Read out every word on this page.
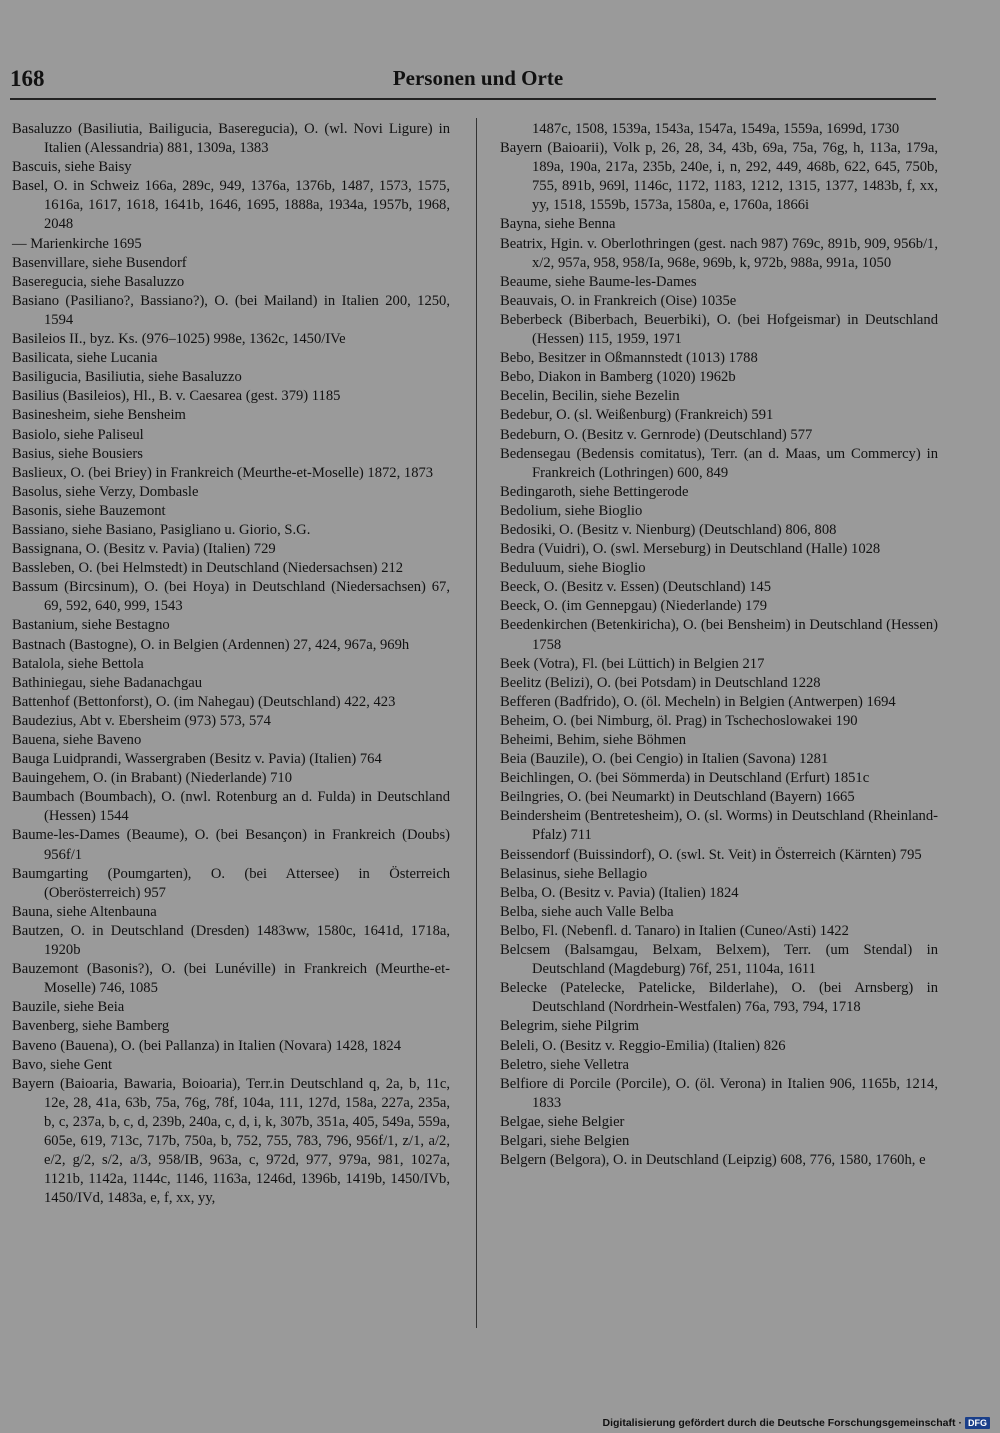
168	Personen und Orte

Basaluzzo (Basiliutia, Bailigucia, Baseregucia), O. (wl. Novi Ligure) in Italien (Alessandria) 881, 1309a, 1383

Bascuis, siehe Baisy

Basel, O. in Schweiz 166a, 289c, 949, 1376a, 1376b, 1487, 1573, 1575, 1616a, 1617, 1618, 1641b, 1646, 1695, 1888a, 1934a, 1957b, 1968, 2048

— Marienkirche 1695

Basenvillare, siehe Busendorf

Baseregucia, siehe Basaluzzo

Basiano (Pasiliano?, Bassiano?), O. (bei Mailand) in Italien 200, 1250, 1594

Basileios II., byz. Ks. (976–1025) 998e, 1362c, 1450/IVe

Basilicata, siehe Lucania

Basiligucia, Basiliutia, siehe Basaluzzo

Basilius (Basileios), Hl., B. v. Caesarea (gest. 379) 1185

Basinesheim, siehe Bensheim

Basiolo, siehe Paliseul

Basius, siehe Bousiers

Baslieux, O. (bei Briey) in Frankreich (Meurthe-et-Moselle) 1872, 1873

Basolus, siehe Verzy, Dombasle

Basonis, siehe Bauzemont

Bassiano, siehe Basiano, Pasigliano u. Giorio, S.G.

Bassignana, O. (Besitz v. Pavia) (Italien) 729

Bassleben, O. (bei Helmstedt) in Deutschland (Niedersachsen) 212

Bassum (Bircsinum), O. (bei Hoya) in Deutschland (Niedersachsen) 67, 69, 592, 640, 999, 1543

Bastanium, siehe Bestagno

Bastnach (Bastogne), O. in Belgien (Ardennen) 27, 424, 967a, 969h

Batalola, siehe Bettola

Bathiniegau, siehe Badanachgau

Battenhof (Bettonforst), O. (im Nahegau) (Deutschland) 422, 423

Baudezius, Abt v. Ebersheim (973) 573, 574

Bauena, siehe Baveno

Bauga Luidprandi, Wassergraben (Besitz v. Pavia) (Italien) 764

Bauingehem, O. (in Brabant) (Niederlande) 710

Baumbach (Boumbach), O. (nwl. Rotenburg an d. Fulda) in Deutschland (Hessen) 1544

Baume-les-Dames (Beaume), O. (bei Besançon) in Frankreich (Doubs) 956f/1

Baumgarting (Poumgarten), O. (bei Attersee) in Österreich (Oberösterreich) 957

Bauna, siehe Altenbauna

Bautzen, O. in Deutschland (Dresden) 1483ww, 1580c, 1641d, 1718a, 1920b

Bauzemont (Basonis?), O. (bei Lunéville) in Frankreich (Meurthe-et-Moselle) 746, 1085

Bauzile, siehe Beia

Bavenberg, siehe Bamberg

Baveno (Bauena), O. (bei Pallanza) in Italien (Novara) 1428, 1824

Bavo, siehe Gent

Bayern (Baioaria, Bawaria, Boioaria), Terr.in Deutschland q, 2a, b, 11c, 12e, 28, 41a, 63b, 75a, 76g, 78f, 104a, 111, 127d, 158a, 227a, 235a, b, c, 237a, b, c, d, 239b, 240a, c, d, i, k, 307b, 351a, 405, 549a, 559a, 605e, 619, 713c, 717b, 750a, b, 752, 755, 783, 796, 956f/1, z/1, a/2, e/2, g/2, s/2, a/3, 958/IB, 963a, c, 972d, 977, 979a, 981, 1027a, 1121b, 1142a, 1144c, 1146, 1163a, 1246d, 1396b, 1419b, 1450/IVb, 1450/IVd, 1483a, e, f, xx, yy,

1487c, 1508, 1539a, 1543a, 1547a, 1549a, 1559a, 1699d, 1730

Bayern (Baioarii), Volk p, 26, 28, 34, 43b, 69a, 75a, 76g, h, 113a, 179a, 189a, 190a, 217a, 235b, 240e, i, n, 292, 449, 468b, 622, 645, 750b, 755, 891b, 969l, 1146c, 1172, 1183, 1212, 1315, 1377, 1483b, f, xx, yy, 1518, 1559b, 1573a, 1580a, e, 1760a, 1866i

Bayna, siehe Benna

Beatrix, Hgin. v. Oberlothringen (gest. nach 987) 769c, 891b, 909, 956b/1, x/2, 957a, 958, 958/Ia, 968e, 969b, k, 972b, 988a, 991a, 1050

Beaume, siehe Baume-les-Dames

Beauvais, O. in Frankreich (Oise) 1035e

Beberbeck (Biberbach, Beuerbiki), O. (bei Hofgeismar) in Deutschland (Hessen) 115, 1959, 1971

Bebo, Besitzer in Oßmannstedt (1013) 1788

Bebo, Diakon in Bamberg (1020) 1962b

Becelin, Becilin, siehe Bezelin

Bedebur, O. (sl. Weißenburg) (Frankreich) 591

Bedeburn, O. (Besitz v. Gernrode) (Deutschland) 577

Bedensegau (Bedensis comitatus), Terr. (an d. Maas, um Commercy) in Frankreich (Lothringen) 600, 849

Bedingaroth, siehe Bettingerode

Bedolium, siehe Bioglio

Bedosiki, O. (Besitz v. Nienburg) (Deutschland) 806, 808

Bedra (Vuidri), O. (swl. Merseburg) in Deutschland (Halle) 1028

Beduluum, siehe Bioglio

Beeck, O. (Besitz v. Essen) (Deutschland) 145

Beeck, O. (im Gennepgau) (Niederlande) 179

Beedenkirchen (Betenkiricha), O. (bei Bensheim) in Deutschland (Hessen) 1758

Beek (Votra), Fl. (bei Lüttich) in Belgien 217

Beelitz (Belizi), O. (bei Potsdam) in Deutschland 1228

Befferen (Badfrido), O. (öl. Mecheln) in Belgien (Antwerpen) 1694

Beheim, O. (bei Nimburg, öl. Prag) in Tschechoslowakei 190

Beheimi, Behim, siehe Böhmen

Beia (Bauzile), O. (bei Cengio) in Italien (Savona) 1281

Beichlingen, O. (bei Sömmerda) in Deutschland (Erfurt) 1851c

Beilngries, O. (bei Neumarkt) in Deutschland (Bayern) 1665

Beindersheim (Bentretesheim), O. (sl. Worms) in Deutschland (Rheinland-Pfalz) 711

Beissendorf (Buissindorf), O. (swl. St. Veit) in Österreich (Kärnten) 795

Belasinus, siehe Bellagio

Belba, O. (Besitz v. Pavia) (Italien) 1824

Belba, siehe auch Valle Belba

Belbo, Fl. (Nebenfl. d. Tanaro) in Italien (Cuneo/Asti) 1422

Belcsem (Balsamgau, Belxam, Belxem), Terr. (um Stendal) in Deutschland (Magdeburg) 76f, 251, 1104a, 1611

Belecke (Patelecke, Patelicke, Bilderlahe), O. (bei Arnsberg) in Deutschland (Nordrhein-Westfalen) 76a, 793, 794, 1718

Belegrim, siehe Pilgrim

Beleli, O. (Besitz v. Reggio-Emilia) (Italien) 826

Beletro, siehe Velletra

Belfiore di Porcile (Porcile), O. (öl. Verona) in Italien 906, 1165b, 1214, 1833

Belgae, siehe Belgier

Belgari, siehe Belgien

Belgern (Belgora), O. in Deutschland (Leipzig) 608, 776, 1580, 1760h, e

Digitalisierung gefördert durch die Deutsche Forschungsgemeinschaft · DFG
